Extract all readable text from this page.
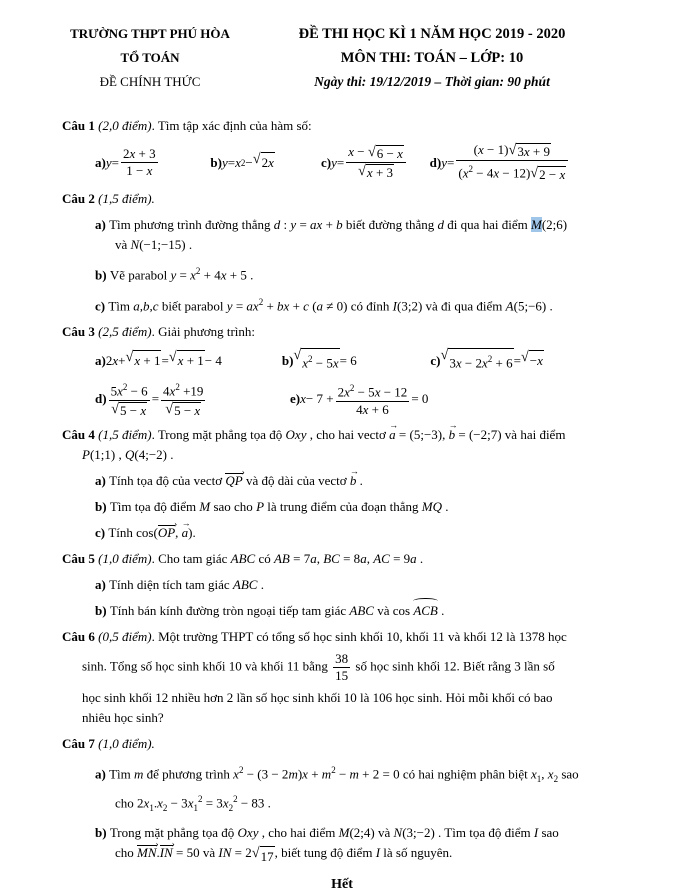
TRƯỜNG THPT PHÚ HÒA
TỔ TOÁN
ĐỀ CHÍNH THỨC
ĐỀ THI HỌC KÌ 1 NĂM HỌC 2019 - 2020
MÔN THI: TOÁN – LỚP: 10
Ngày thi: 19/12/2019 – Thời gian: 90 phút
Câu 1 (2,0 điểm). Tìm tập xác định của hàm số:
a) $y = \frac{2x + 3}{1 - x}$	b) y = x 2 − √ 2x	c) $y = \frac{x - √ 6 - x}{√ x + 3} d$) $y = \frac{(x - 1) √ 3x + 9}{(x^2 - 4x - 12) √ 2 - x}$
Câu 2 (1,5 điểm).
a) Tìm phương trình đường thẳng d : y = ax + b biết đường thẳng d đi qua hai điểm M(2;6)
và N(−1;−15) .
b) Vẽ parabol $y = x^2 + 4x + 5$ .
c) Tìm a,b,c biết parabol $y = ax^2$ + bx + c (a ≠ 0) có đỉnh I(3;2) và đi qua điểm A(5;−6) .
Câu 3 (2,5 điểm). Giải phương trình:
a) 2 x + √ x + 1 = √ x + 1 − 4	b) √ $x^2 - 5x = 6$	c) √ $3x - 2x^2 + 6$ = √ −x
$d) \frac{5x^2 - 6}{√ 5 - x} = \frac{4x^2 +19}{√ 5 - x}$	e) $x - 7 + \frac{2x^2 - 5x - 12}{4x + 6} = 0$
Câu 4 (1,5 điểm). Trong mặt phẳng tọa độ Oxy , cho hai vectơ → a = (5;−3), → b = (−2;7) và hai điểm
P(1;1) , Q(4;−2) .
a) Tính tọa độ của vectơ › QP và độ dài của vectơ → b .
b) Tìm tọa độ điểm M sao cho P là trung điểm của đoạn thẳng MQ .
c) Tính cos(› OP, → a).
Câu 5 (1,0 điểm). Cho tam giác ABC có AB = 7a, BC = 8a, AC = 9a .
a) Tính diện tích tam giác ABC .
b) Tính bán kính đường tròn ngoại tiếp tam giác ABC và cos ACB .
Câu 6 (0,5 điểm). Một trường THPT có tổng số học sinh khối 10, khối 11 và khối 12 là 1378 học
sinh. Tổng số học sinh khối 10 và khối 11 bằng $\frac{38}{15}$ số học sinh khối 12. Biết rằng 3 lần số
học sinh khối 12 nhiều hơn 2 lần số học sinh khối 10 là 106 học sinh. Hỏi mỗi khối có bao
nhiêu học sinh?
Câu 7 (1,0 điểm).
a) Tìm m để phương trình $x^2 - (3 - 2m)x + m^2 - m + 2 = 0$ có hai nghiệm phân biệt $x_1$, $x_2$ sao
cho $2x_1.x_2 - 3x_1^2 = 3x_2^2 - 83$ .
b) Trong mặt phẳng tọa độ Oxy , cho hai điểm M(2;4) và N(3;−2) . Tìm tọa độ điểm I sao
cho › MN.› IN = 50 và IN = 2 √ 17 , biết tung độ điểm I là số nguyên.
Hết
